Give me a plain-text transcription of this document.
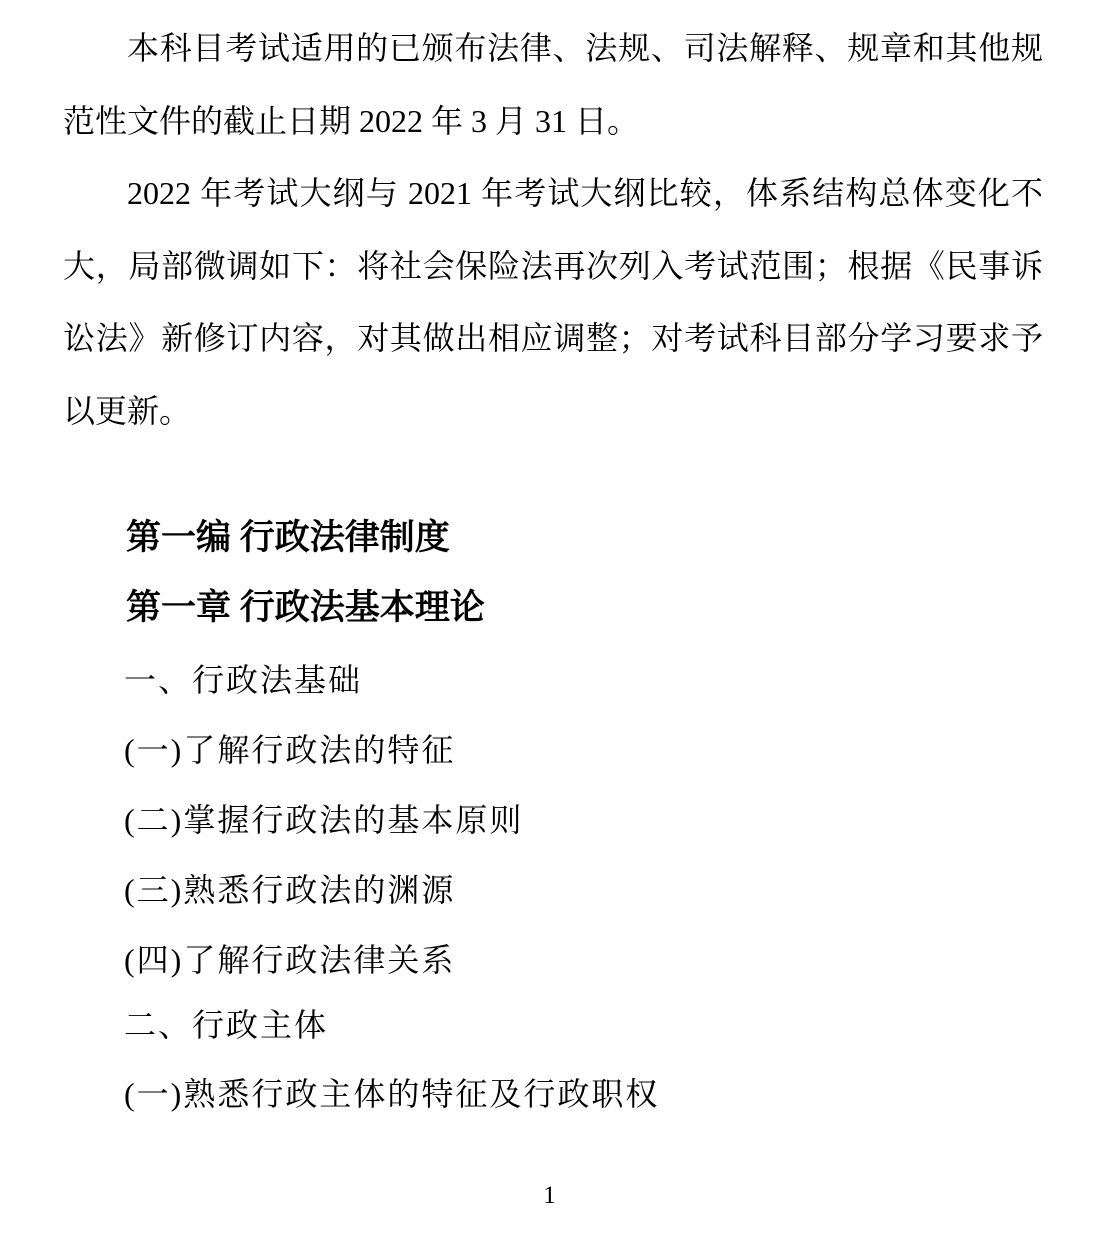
本科目考试适用的已颁布法律、法规、司法解释、规章和其他规范性文件的截止日期 2022 年 3 月 31 日。

2022 年考试大纲与 2021 年考试大纲比较，体系结构总体变化不大，局部微调如下：将社会保险法再次列入考试范围；根据《民事诉讼法》新修订内容，对其做出相应调整；对考试科目部分学习要求予以更新。

第一编 行政法律制度
第一章 行政法基本理论
一、行政法基础
(一)了解行政法的特征
(二)掌握行政法的基本原则
(三)熟悉行政法的渊源
(四)了解行政法律关系
二、行政主体
(一)熟悉行政主体的特征及行政职权
1
